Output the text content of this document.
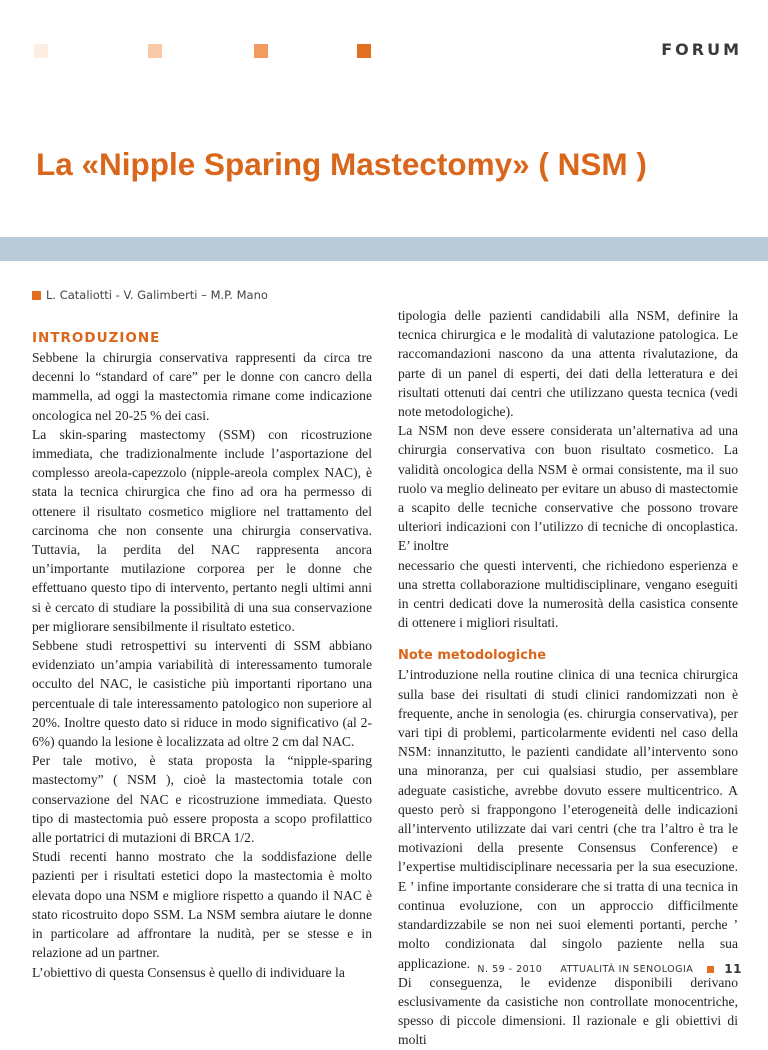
FORUM
La «Nipple Sparing Mastectomy» ( NSM )
L. Cataliotti - V. Galimberti – M.P. Mano
INTRODUZIONE

Sebbene la chirurgia conservativa rappresenti da circa tre decenni lo “standard of care” per le donne con cancro della mammella, ad oggi la mastectomia rimane come indicazione oncologica nel 20-25 % dei casi.

La skin-sparing mastectomy (SSM) con ricostruzione immediata, che tradizionalmente include l’asportazione del complesso areola-capezzolo (nipple-areola complex NAC), è stata la tecnica chirurgica che fino ad ora ha permesso di ottenere il risultato cosmetico migliore nel trattamento del carcinoma che non consente una chirurgia conservativa. Tuttavia, la perdita del NAC rappresenta ancora un’importante mutilazione corporea per le donne che effettuano questo tipo di intervento, pertanto negli ultimi anni si è cercato di studiare la possibilità di una sua conservazione per migliorare sensibilmente il risultato estetico.

Sebbene studi retrospettivi su interventi di SSM abbiano evidenziato un’ampia variabilità di interessamento tumorale occulto del NAC, le casistiche più importanti riportano una percentuale di tale interessamento patologico non superiore al 20%. Inoltre questo dato si riduce in modo significativo (al 2-6%) quando la lesione è localizzata ad oltre 2 cm dal NAC.

Per tale motivo, è stata proposta la “nipple-sparing mastectomy” ( NSM ), cioè la mastectomia totale con conservazione del NAC e ricostruzione immediata. Questo tipo di mastectomia può essere proposta a scopo profilattico alle portatrici di mutazioni di BRCA 1/2.

Studi recenti hanno mostrato che la soddisfazione delle pazienti per i risultati estetici dopo la mastectomia è molto elevata dopo una NSM e migliore rispetto a quando il NAC è stato ricostruito dopo SSM. La NSM sembra aiutare le donne in particolare ad affrontare la nudità, per se stesse e in relazione ad un partner.

L’obiettivo di questa Consensus è quello di individuare la

tipologia delle pazienti candidabili alla NSM, definire la tecnica chirurgica e le modalità di valutazione patologica. Le raccomandazioni nascono da una attenta rivalutazione, da parte di un panel di esperti, dei dati della letteratura e dei risultati ottenuti dai centri che utilizzano questa tecnica (vedi note metodologiche).

La NSM non deve essere considerata un’alternativa ad una chirurgia conservativa con buon risultato cosmetico. La validità oncologica della NSM è ormai consistente, ma il suo ruolo va meglio delineato per evitare un abuso di mastectomie a scapito delle tecniche conservative che possono trovare ulteriori indicazioni con l’utilizzo di tecniche di oncoplastica. E’ inoltre

necessario che questi interventi, che richiedono esperienza e una stretta collaborazione multidisciplinare, vengano eseguiti in centri dedicati dove la numerosità della casistica consente di ottenere i migliori risultati.

Note metodologiche

L’introduzione nella routine clinica di una tecnica chirurgica sulla base dei risultati di studi clinici randomizzati non è frequente, anche in senologia (es. chirurgia conservativa), per vari tipi di problemi, particolarmente evidenti nel caso della NSM: innanzitutto, le pazienti candidate all’intervento sono una minoranza, per cui qualsiasi studio, per assemblare adeguate casistiche, avrebbe dovuto essere multicentrico. A questo però si frappongono l’eterogeneità delle indicazioni all’intervento utilizzate dai vari centri (che tra l’altro è tra le motivazioni della presente Consensus Conference) e l’expertise multidisciplinare necessaria per la sua esecuzione. E ’ infine importante considerare che si tratta di una tecnica in continua evoluzione, con un approccio difficilmente standardizzabile se non nei suoi elementi portanti, perche ’ molto condizionata dal singolo paziente nella sua applicazione.

Di conseguenza, le evidenze disponibili derivano esclusivamente da casistiche non controllate monocentriche, spesso di piccole dimensioni. Il razionale e gli obiettivi di molti

N. 59 - 2010 ATTUALITÀ IN SENOLOGIA	11
